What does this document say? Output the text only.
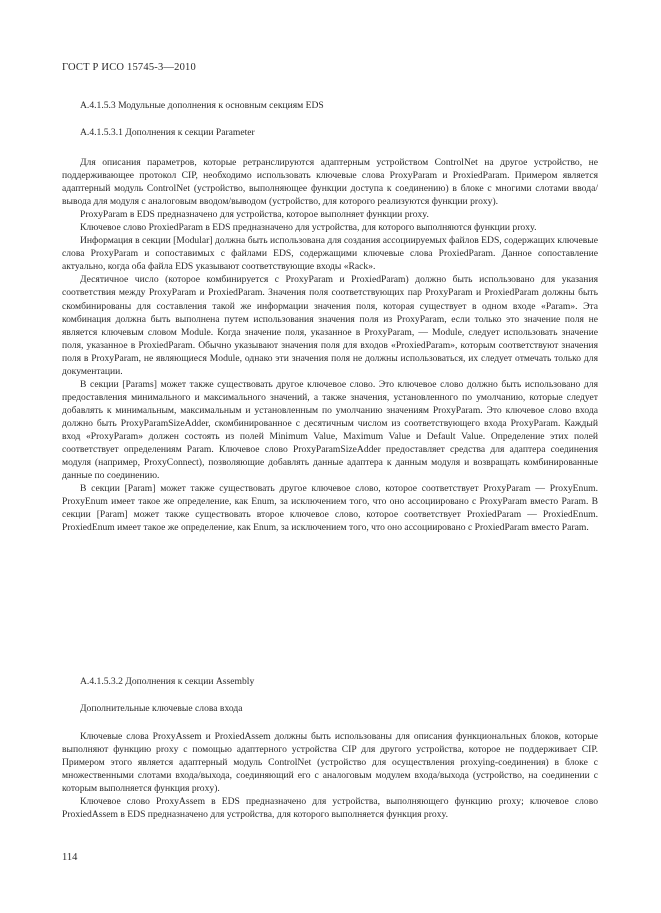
ГОСТ Р ИСО 15745-3—2010
А.4.1.5.3 Модульные дополнения к основным секциям EDS
А.4.1.5.3.1 Дополнения к секции Parameter

Для описания параметров, которые ретранслируются адаптерным устройством ControlNet на другое устройство, не поддерживающее протокол CIP, необходимо использовать ключевые слова ProxyParam и ProxiedParam. Примером является адаптерный модуль ControlNet (устройство, выполняющее функции доступа к соединению) в блоке с многими слотами ввода/вывода для модуля с аналоговым вводом/выводом (устройство, для которого реализуются функции proxy).

ProxyParam в EDS предназначено для устройства, которое выполняет функции proxy.

Ключевое слово ProxiedParam в EDS предназначено для устройства, для которого выполняются функции proxy.

Информация в секции [Modular] должна быть использована для создания ассоциируемых файлов EDS, содержащих ключевые слова ProxyParam и сопоставимых с файлами EDS, содержащими ключевые слова ProxiedParam. Данное сопоставление актуально, когда оба файла EDS указывают соответствующие входы «Rack».

Десятичное число (которое комбинируется с ProxyParam и ProxiedParam) должно быть использовано для указания соответствия между ProxyParam и ProxiedParam. Значения поля соответствующих пар ProxyParam и ProxiedParam должны быть скомбинированы для составления такой же информации значения поля, которая существует в одном входе «Param». Эта комбинация должна быть выполнена путем использования значения поля из ProxyParam, если только это значение поля не является ключевым словом Module. Когда значение поля, указанное в ProxyParam, — Module, следует использовать значение поля, указанное в ProxiedParam. Обычно указывают значения поля для входов «ProxiedParam», которым соответствуют значения поля в ProxyParam, не являющиеся Module, однако эти значения поля не должны использоваться, их следует отмечать только для документации.

В секции [Params] может также существовать другое ключевое слово. Это ключевое слово должно быть использовано для предоставления минимального и максимального значений, а также значения, установленного по умолчанию, которые следует добавлять к минимальным, максимальным и установленным по умолчанию значениям ProxyParam. Это ключевое слово входа должно быть ProxyParamSizeAdder, скомбинированное с десятичным числом из соответствующего входа ProxyParam. Каждый вход «ProxyParam» должен состоять из полей Minimum Value, Maximum Value и Default Value. Определение этих полей соответствует определениям Param. Ключевое слово ProxyParamSizeAdder предоставляет средства для адаптера соединения модуля (например, ProxyConnect), позволяющие добавлять данные адаптера к данным модуля и возвращать комбинированные данные по соединению.

В секции [Param] может также существовать другое ключевое слово, которое соответствует ProxyParam — ProxyEnum. ProxyEnum имеет такое же определение, как Enum, за исключением того, что оно ассоциировано с ProxyParam вместо Param. В секции [Param] может также существовать второе ключевое слово, которое соответствует ProxiedParam — ProxiedEnum. ProxiedEnum имеет такое же определение, как Enum, за исключением того, что оно ассоциировано с ProxiedParam вместо Param.

А.4.1.5.3.2 Дополнения к секции Assembly
Дополнительные ключевые слова входа

Ключевые слова ProxyAssem и ProxiedAssem должны быть использованы для описания функциональных блоков, которые выполняют функцию proxy с помощью адаптерного устройства CIP для другого устройства, которое не поддерживает CIP. Примером этого является адаптерный модуль ControlNet (устройство для осуществления proxying-соединения) в блоке с множественными слотами входа/выхода, соединяющий его с аналоговым модулем входа/выхода (устройство, на соединении с которым выполняется функция proxy).

Ключевое слово ProxyAssem в EDS предназначено для устройства, выполняющего функцию proxy; ключевое слово ProxiedAssem в EDS предназначено для устройства, для которого выполняется функция proxy.

114
